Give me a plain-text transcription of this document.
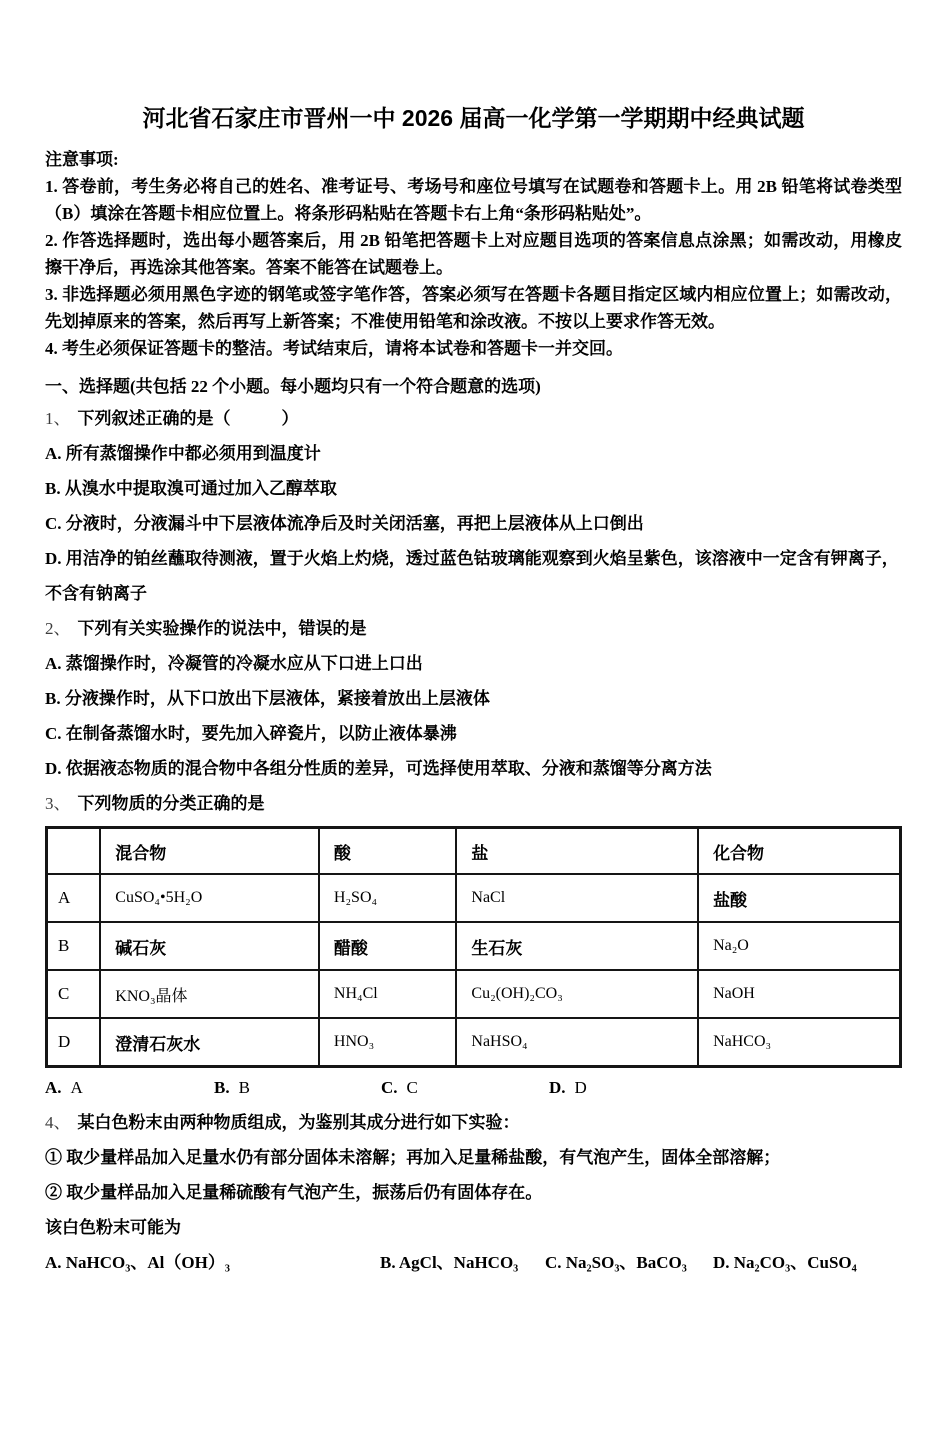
河北省石家庄市晋州一中 2026 届高一化学第一学期期中经典试题
注意事项:
1. 答卷前，考生务必将自己的姓名、准考证号、考场号和座位号填写在试题卷和答题卡上。用 2B 铅笔将试卷类型（B）填涂在答题卡相应位置上。将条形码粘贴在答题卡右上角“条形码粘贴处”。
2. 作答选择题时，选出每小题答案后，用 2B 铅笔把答题卡上对应题目选项的答案信息点涂黑；如需改动，用橡皮擦干净后，再选涂其他答案。答案不能答在试题卷上。
3. 非选择题必须用黑色字迹的钢笔或签字笔作答，答案必须写在答题卡各题目指定区域内相应位置上；如需改动，先划掉原来的答案，然后再写上新答案；不准使用铅笔和涂改液。不按以上要求作答无效。
4. 考生必须保证答题卡的整洁。考试结束后，请将本试卷和答题卡一并交回。
一、选择题(共包括 22 个小题。每小题均只有一个符合题意的选项)
1、 下列叙述正确的是（　　　）
A. 所有蒸馏操作中都必须用到温度计
B. 从溴水中提取溴可通过加入乙醇萃取
C. 分液时，分液漏斗中下层液体流净后及时关闭活塞，再把上层液体从上口倒出
D. 用洁净的铂丝蘸取待测液，置于火焰上灼烧，透过蓝色钴玻璃能观察到火焰呈紫色，该溶液中一定含有钾离子，
不含有钠离子
2、 下列有关实验操作的说法中，错误的是
A. 蒸馏操作时，冷凝管的冷凝水应从下口进上口出
B. 分液操作时，从下口放出下层液体，紧接着放出上层液体
C. 在制备蒸馏水时，要先加入碎瓷片，以防止液体暴沸
D. 依据液态物质的混合物中各组分性质的差异，可选择使用萃取、分液和蒸馏等分离方法
3、 下列物质的分类正确的是
	混合物	酸	盐	化合物
A	CuSO₄•5H₂O	H₂SO₄	NaCl	盐酸
B	碱石灰	醋酸	生石灰	Na₂O
C	KNO₃晶体	NH₄Cl	Cu₂(OH)₂CO₃	NaOH
D	澄清石灰水	HNO₃	NaHSO₄	NaHCO₃
A. A	B. B	C. C	D. D
4、 某白色粉末由两种物质组成，为鉴别其成分进行如下实验：
① 取少量样品加入足量水仍有部分固体未溶解；再加入足量稀盐酸，有气泡产生，固体全部溶解；
② 取少量样品加入足量稀硫酸有气泡产生，振荡后仍有固体存在。
该白色粉末可能为
A. NaHCO₃、Al（OH）₃	B. AgCl、NaHCO₃	C. Na₂SO₃、BaCO₃	D. Na₂CO₃、CuSO₄
